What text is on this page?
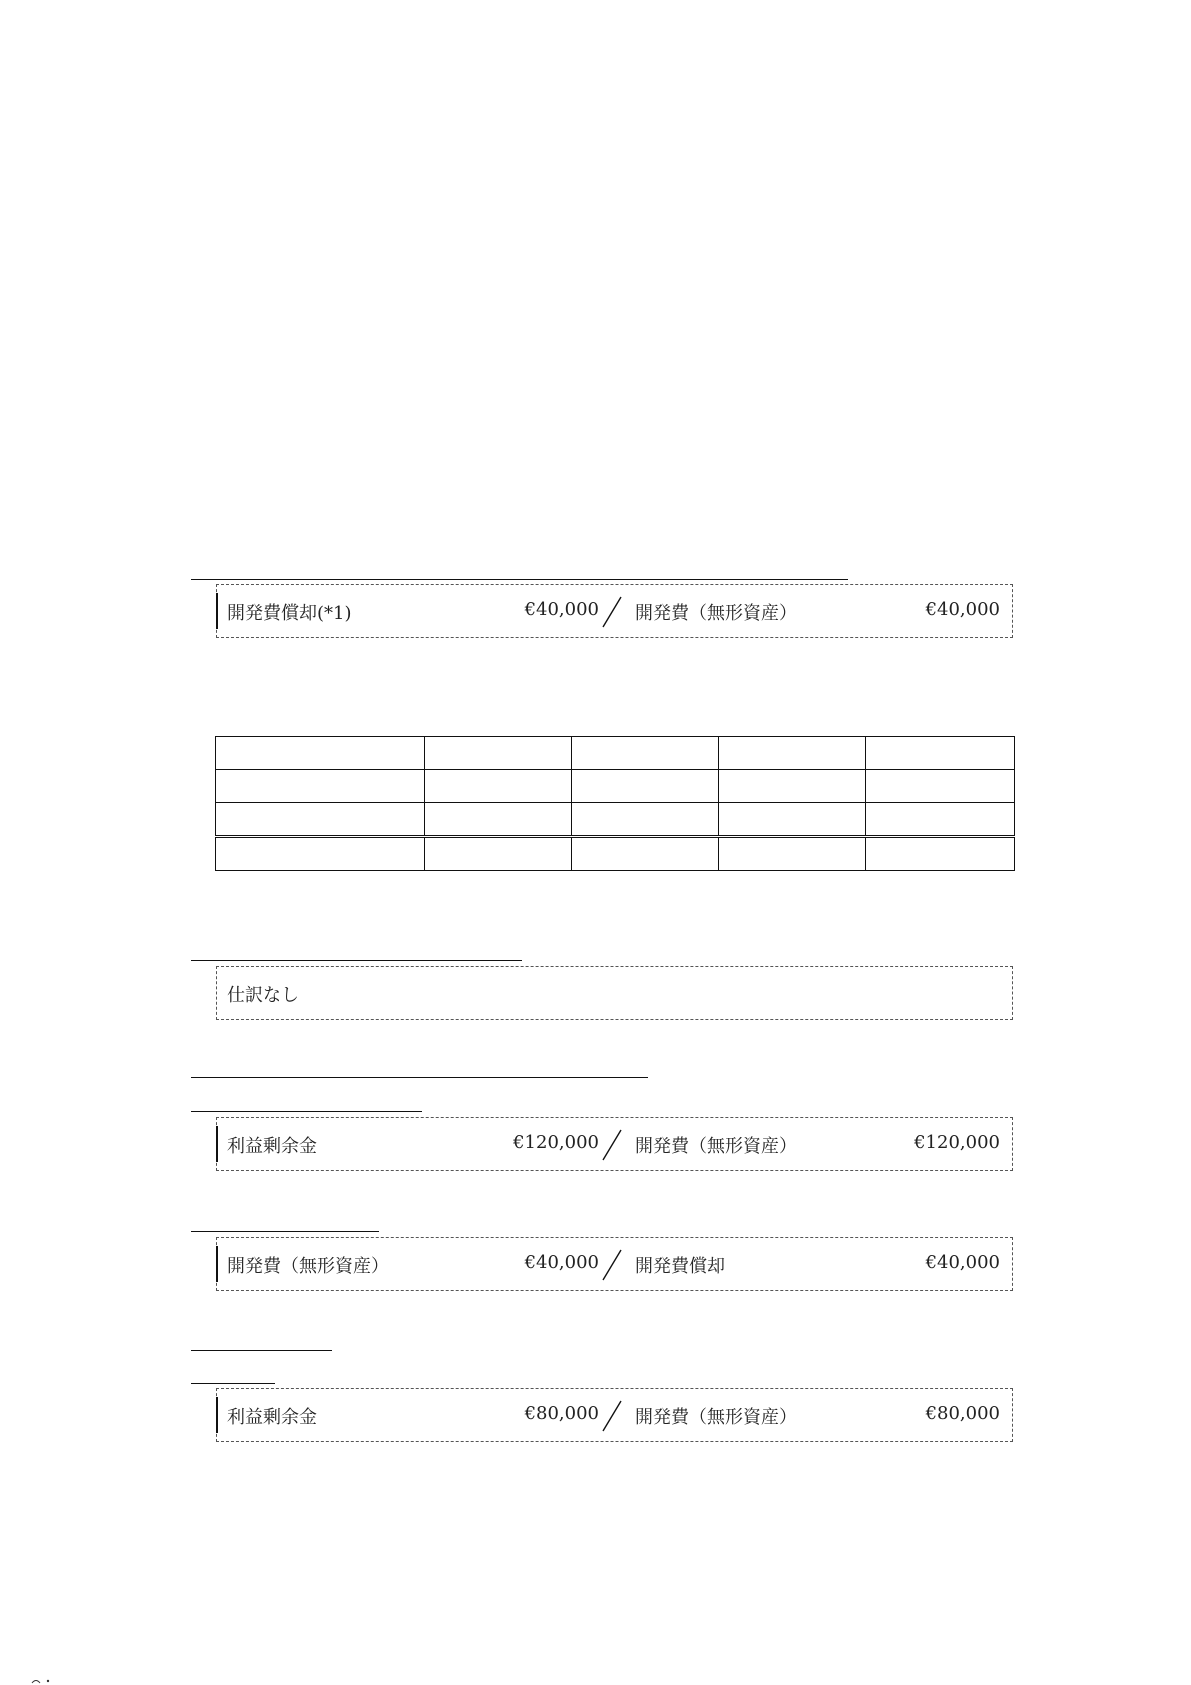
開発費償却(*1)	€40,000 開発費（無形資産）	€40,000

仕訳なし
利益剰余金	€120,000 開発費（無形資産）	€120,000
開発費（無形資産）	€40,000 開発費償却	€40,000
利益剰余金	€80,000 開発費（無形資産）	€80,000
